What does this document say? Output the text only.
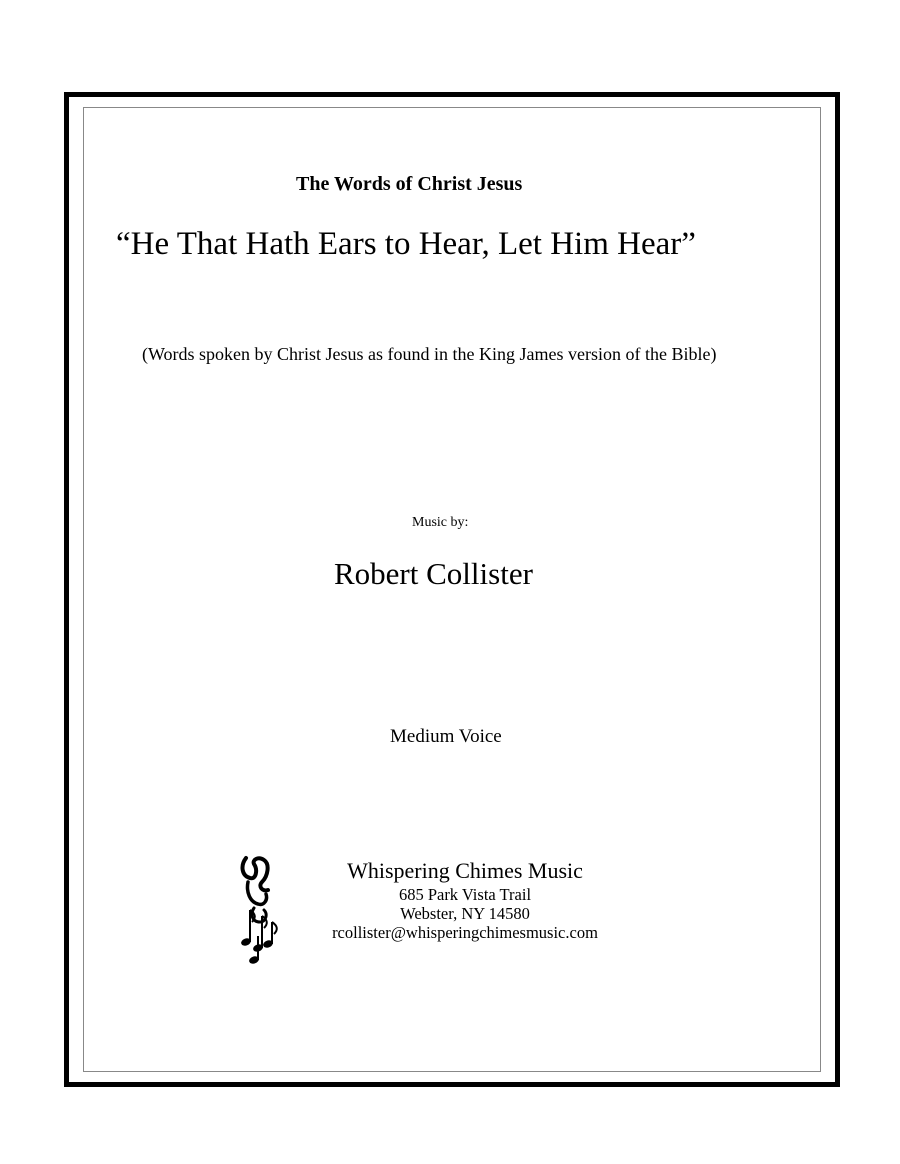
The Words of Christ Jesus
“He That Hath Ears to Hear, Let Him Hear”
(Words spoken by Christ Jesus as found in the King James version of the Bible)
Music by:
Robert Collister
Medium Voice
Whispering Chimes Music
685 Park Vista Trail
Webster, NY 14580
rcollister@whisperingchimesmusic.com
